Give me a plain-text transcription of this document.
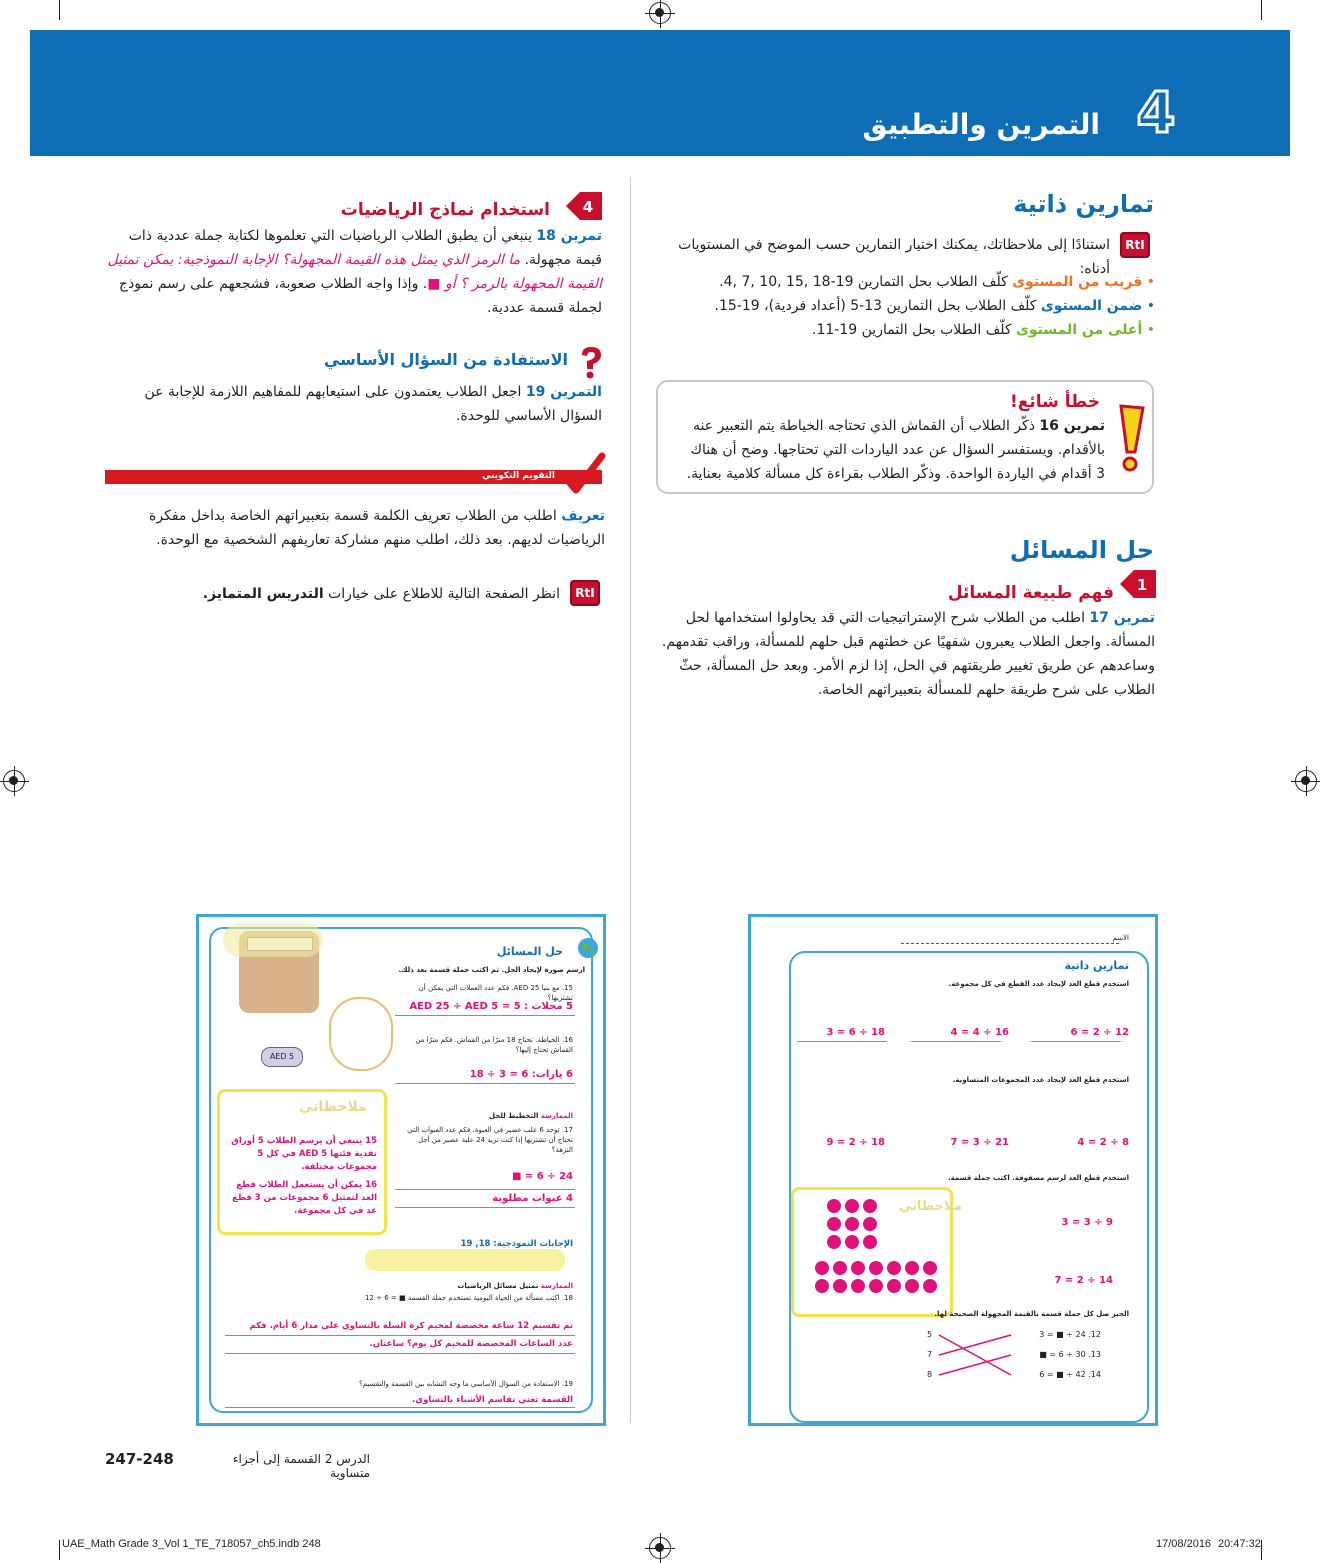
التمرين والتطبيق 4
تمارين ذاتية
RtI
استنادًا إلى ملاحظاتك، يمكنك اختيار التمارين حسب الموضح في المستويات أدناه:
• قريب من المستوى كلّف الطلاب بحل التمارين 19-18 ,15 ,10 ,7 ,4.
• ضمن المستوى كلّف الطلاب بحل التمارين 13-5 (أعداد فردية)، 19-15.
• أعلى من المستوى كلّف الطلاب بحل التمارين 19-11.
خطأ شائع!
تمرين 16 ذكّر الطلاب أن القماش الذي تحتاجه الخياطة يتم التعبير عنه بالأقدام. ويستفسر السؤال عن عدد الياردات التي تحتاجها. وضح أن هناك 3 أقدام في الياردة الواحدة. وذكّر الطلاب بقراءة كل مسألة كلامية بعناية.
حل المسائل
1
فهم طبيعة المسائل
تمرين 17 اطلب من الطلاب شرح الإستراتيجيات التي قد يحاولوا استخدامها لحل المسألة. واجعل الطلاب يعبرون شفهيًا عن خطتهم قبل حلهم للمسألة، وراقب تقدمهم. وساعدهم عن طريق تغيير طريقتهم في الحل، إذا لزم الأمر. وبعد حل المسألة، حثّ الطلاب على شرح طريقة حلهم للمسألة بتعبيراتهم الخاصة.
4
استخدام نماذج الرياضيات
تمرين 18 ينبغي أن يطبق الطلاب الرياضيات التي تعلموها لكتابة جملة عددية ذات قيمة مجهولة. ما الرمز الذي يمثل هذه القيمة المجهولة؟ الإجابة النموذجية: يمكن تمثيل القيمة المجهولة بالرمز ؟ أو ■. وإذا واجه الطلاب صعوبة، فشجعهم على رسم نموذج لجملة قسمة عددية.
الاستفادة من السؤال الأساسي
التمرين 19 اجعل الطلاب يعتمدون على استيعابهم للمفاهيم اللازمة للإجابة عن السؤال الأساسي للوحدة.
التقويم التكويني
تعريف اطلب من الطلاب تعريف الكلمة قسمة بتعبيراتهم الخاصة بداخل مفكرة الرياضيات لديهم. بعد ذلك، اطلب منهم مشاركة تعاريفهم الشخصية مع الوحدة.
RtI
انظر الصفحة التالية للاطلاع على خيارات التدريس المتمايز.
حل المسائل
ارسم صورة لإيجاد الحل. ثم اكتب جملة قسمة بعد ذلك.
AED 5
15. مع بنيا 25 AED. فكم عدد العملات التي يمكن أن تشتريها؟
5 محلات : 5 = AED 25 ÷ AED 5
16. الخياطة. تحتاج 18 مترًا من القماش. فكم مترًا من القماش تحتاج إليها؟
6 يارات: 6 = 3 ÷ 18
الممارسة التخطيط للحل
17. توجد 6 علب عصير في العبوة. فكم عدد العبوات التي تحتاج أن تشتريها إذا كنت تريد 24 علبة عصير من أجل النزهة؟
24 ÷ 6 = ■
4 عبوات مطلوبة
ملاحظاتي
15 ينبغي أن يرسم الطلاب 5 أوراق نقدية فئتها AED 5 في كل 5 مجموعات مختلفة.
16 يمكن أن يستعمل الطلاب قطع العد لتمثيل 6 مجموعات من 3 قطع عد في كل مجموعة.
الإجابات النموذجية: 18, 19
الممارسة تمثيل مسائل الرياضيات
18. اكتب مسألة من الحياة اليومية تستخدم جملة القسمة ■ = 6 ÷ 12
تم تقسيم 12 ساعة مخصصة لمخيم كرة السلة بالتساوي على مدار 6 أيام. فكم عدد الساعات المخصصة للمخيم كل يوم؟ ساعتان.
19. الاستفادة من السؤال الأساسي ما وجه التشابه بين القسمة والتقسيم؟
القسمة تعني تقاسم الأشياء بالتساوي.
الاسم
تمارين ذاتية
استخدم قطع العد لإيجاد عدد القطع في كل مجموعة.
12 ÷ 2 = 6
16 ÷ 4 = 4
18 ÷ 6 = 3
استخدم قطع العد لإيجاد عدد المجموعات المتساوية.
8 ÷ 2 = 4
21 ÷ 3 = 7
18 ÷ 2 = 9
استخدم قطع العد لرسم مصفوفة. اكتب جملة قسمة.
9 ÷ 3 = 3
14 ÷ 2 = 7
ملاحظاتي
الجبر صل كل جملة قسمة بالقيمة المجهولة الصحيحة لها.
12. 24 ÷ ■ = 3
13. 30 ÷ 6 = ■
14. 42 ÷ ■ = 6
5
7
8
247-248	الدرس 2 القسمة إلى أجزاء متساوية
UAE_Math Grade 3_Vol 1_TE_718057_ch5.indb 248	17/08/2016 20:47:32
